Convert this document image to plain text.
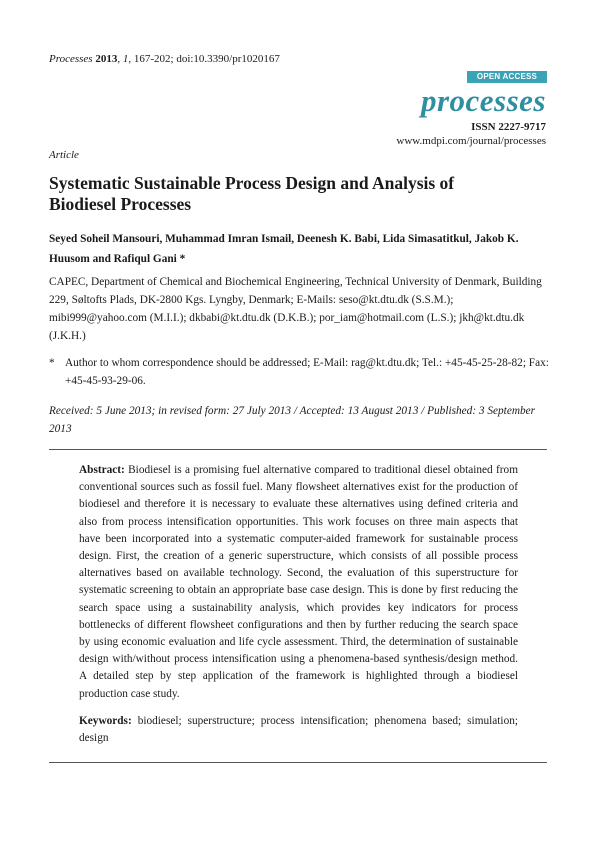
Processes 2013, 1, 167-202; doi:10.3390/pr1020167
OPEN ACCESS
processes
ISSN 2227-9717
www.mdpi.com/journal/processes
Article
Systematic Sustainable Process Design and Analysis of Biodiesel Processes
Seyed Soheil Mansouri, Muhammad Imran Ismail, Deenesh K. Babi, Lida Simasatitkul, Jakob K. Huusom and Rafiqul Gani *
CAPEC, Department of Chemical and Biochemical Engineering, Technical University of Denmark, Building 229, Søltofts Plads, DK-2800 Kgs. Lyngby, Denmark; E-Mails: seso@kt.dtu.dk (S.S.M.); mibi999@yahoo.com (M.I.I.); dkbabi@kt.dtu.dk (D.K.B.); por_iam@hotmail.com (L.S.); jkh@kt.dtu.dk (J.K.H.)
* Author to whom correspondence should be addressed; E-Mail: rag@kt.dtu.dk; Tel.: +45-45-25-28-82; Fax: +45-45-93-29-06.
Received: 5 June 2013; in revised form: 27 July 2013 / Accepted: 13 August 2013 / Published: 3 September 2013

Abstract: Biodiesel is a promising fuel alternative compared to traditional diesel obtained from conventional sources such as fossil fuel. Many flowsheet alternatives exist for the production of biodiesel and therefore it is necessary to evaluate these alternatives using defined criteria and also from process intensification opportunities. This work focuses on three main aspects that have been incorporated into a systematic computer-aided framework for sustainable process design. First, the creation of a generic superstructure, which consists of all possible process alternatives based on available technology. Second, the evaluation of this superstructure for systematic screening to obtain an appropriate base case design. This is done by first reducing the search space using a sustainability analysis, which provides key indicators for process bottlenecks of different flowsheet configurations and then by further reducing the search space by using economic evaluation and life cycle assessment. Third, the determination of sustainable design with/without process intensification using a phenomena-based synthesis/design method. A detailed step by step application of the framework is highlighted through a biodiesel production case study.

Keywords: biodiesel; superstructure; process intensification; phenomena based; simulation; design
